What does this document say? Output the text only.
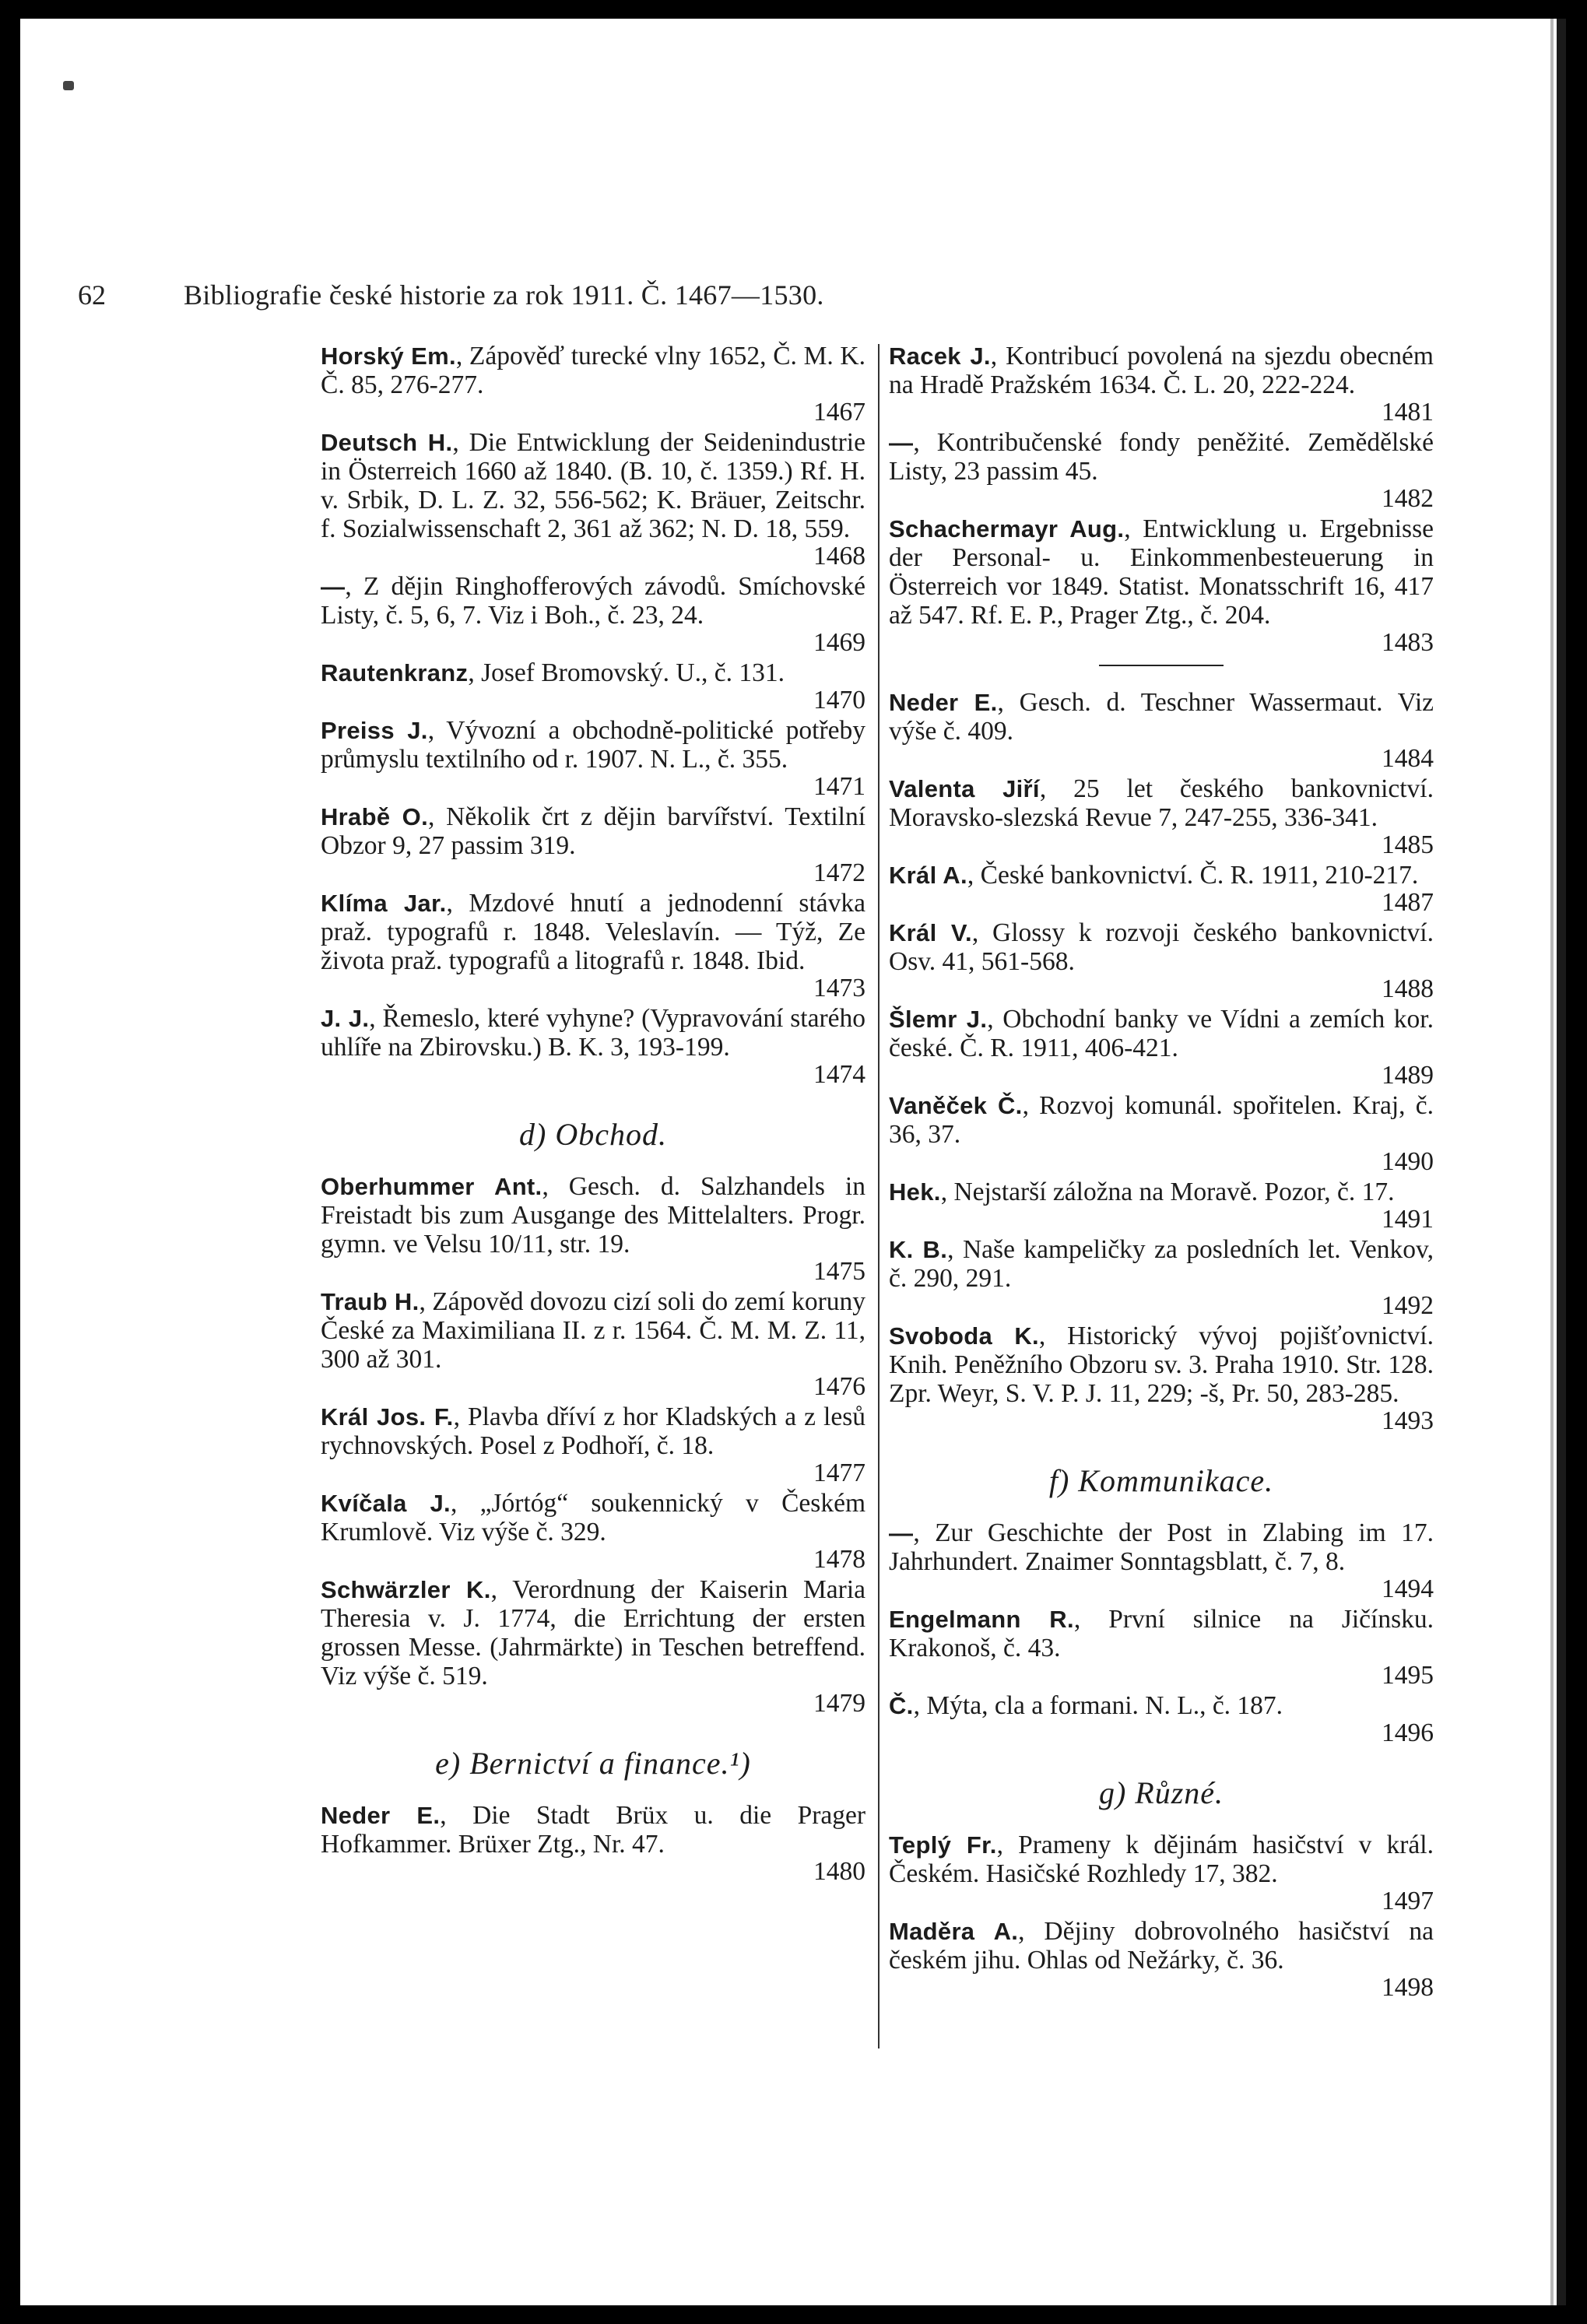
62	Bibliografie české historie za rok 1911. Č. 1467—1530.
Horský Em., Zápověď turecké vlny 1652, Č. M. K. Č. 85, 276-277.
1467
Deutsch H., Die Entwicklung der Seidenindustrie in Österreich 1660 až 1840. (B. 10, č. 1359.) Rf. H. v. Srbik, D. L. Z. 32, 556-562; K. Bräuer, Zeitschr. f. Sozialwissenschaft 2, 361 až 362; N. D. 18, 559.
1468
—, Z dějin Ringhofferových závodů. Smíchovské Listy, č. 5, 6, 7. Viz i Boh., č. 23, 24.
1469
Rautenkranz, Josef Bromovský. U., č. 131.
1470
Preiss J., Vývozní a obchodně-politické potřeby průmyslu textilního od r. 1907. N. L., č. 355.
1471
Hrabě O., Několik črt z dějin barvířství. Textilní Obzor 9, 27 passim 319.
1472
Klíma Jar., Mzdové hnutí a jednodenní stávka praž. typografů r. 1848. Veleslavín. — Týž, Ze života praž. typografů a litografů r. 1848. Ibid.
1473
J. J., Řemeslo, které vyhyne? (Vypravování starého uhlíře na Zbirovsku.) B. K. 3, 193-199.
1474
d) Obchod.
Oberhummer Ant., Gesch. d. Salzhandels in Freistadt bis zum Ausgange des Mittelalters. Progr. gymn. ve Velsu 10/11, str. 19.
1475
Traub H., Zápověd dovozu cizí soli do zemí koruny České za Maximiliana II. z r. 1564. Č. M. M. Z. 11, 300 až 301.
1476
Král Jos. F., Plavba dříví z hor Kladských a z lesů rychnovských. Posel z Podhoří, č. 18.
1477
Kvíčala J., „Jórtóg“ soukennický v Českém Krumlově. Viz výše č. 329.
1478
Schwärzler K., Verordnung der Kaiserin Maria Theresia v. J. 1774, die Errichtung der ersten grossen Messe. (Jahrmärkte) in Teschen betreffend. Viz výše č. 519.
1479
e) Bernictví a finance.¹)
Neder E., Die Stadt Brüx u. die Prager Hofkammer. Brüxer Ztg., Nr. 47.
1480
Racek J., Kontribucí povolená na sjezdu obecném na Hradě Pražském 1634. Č. L. 20, 222-224.
1481
—, Kontribučenské fondy peněžité. Zemědělské Listy, 23 passim 45.
1482
Schachermayr Aug., Entwicklung u. Ergebnisse der Personal- u. Einkommenbesteuerung in Österreich vor 1849. Statist. Monatsschrift 16, 417 až 547. Rf. E. P., Prager Ztg., č. 204.
1483
Neder E., Gesch. d. Teschner Wassermaut. Viz výše č. 409.
1484
Valenta Jiří, 25 let českého bankovnictví. Moravsko-slezská Revue 7, 247-255, 336-341.
1485
Král A., České bankovnictví. Č. R. 1911, 210-217.
1487
Král V., Glossy k rozvoji českého bankovnictví. Osv. 41, 561-568.
1488
Šlemr J., Obchodní banky ve Vídni a zemích kor. české. Č. R. 1911, 406-421.
1489
Vaněček Č., Rozvoj komunál. spořitelen. Kraj, č. 36, 37.
1490
Hek., Nejstarší záložna na Moravě. Pozor, č. 17.
1491
K. B., Naše kampeličky za posledních let. Venkov, č. 290, 291.
1492
Svoboda K., Historický vývoj pojišťovnictví. Knih. Peněžního Obzoru sv. 3. Praha 1910. Str. 128. Zpr. Weyr, S. V. P. J. 11, 229; -š, Pr. 50, 283-285.
1493
f) Kommunikace.
—, Zur Geschichte der Post in Zlabing im 17. Jahrhundert. Znaimer Sonntagsblatt, č. 7, 8.
1494
Engelmann R., První silnice na Jičínsku. Krakonoš, č. 43.
1495
Č., Mýta, cla a formani. N. L., č. 187.
1496
g) Různé.
Teplý Fr., Prameny k dějinám hasičství v král. Českém. Hasičské Rozhledy 17, 382.
1497
Maděra A., Dějiny dobrovolného hasičství na českém jihu. Ohlas od Nežárky, č. 36.
1498
